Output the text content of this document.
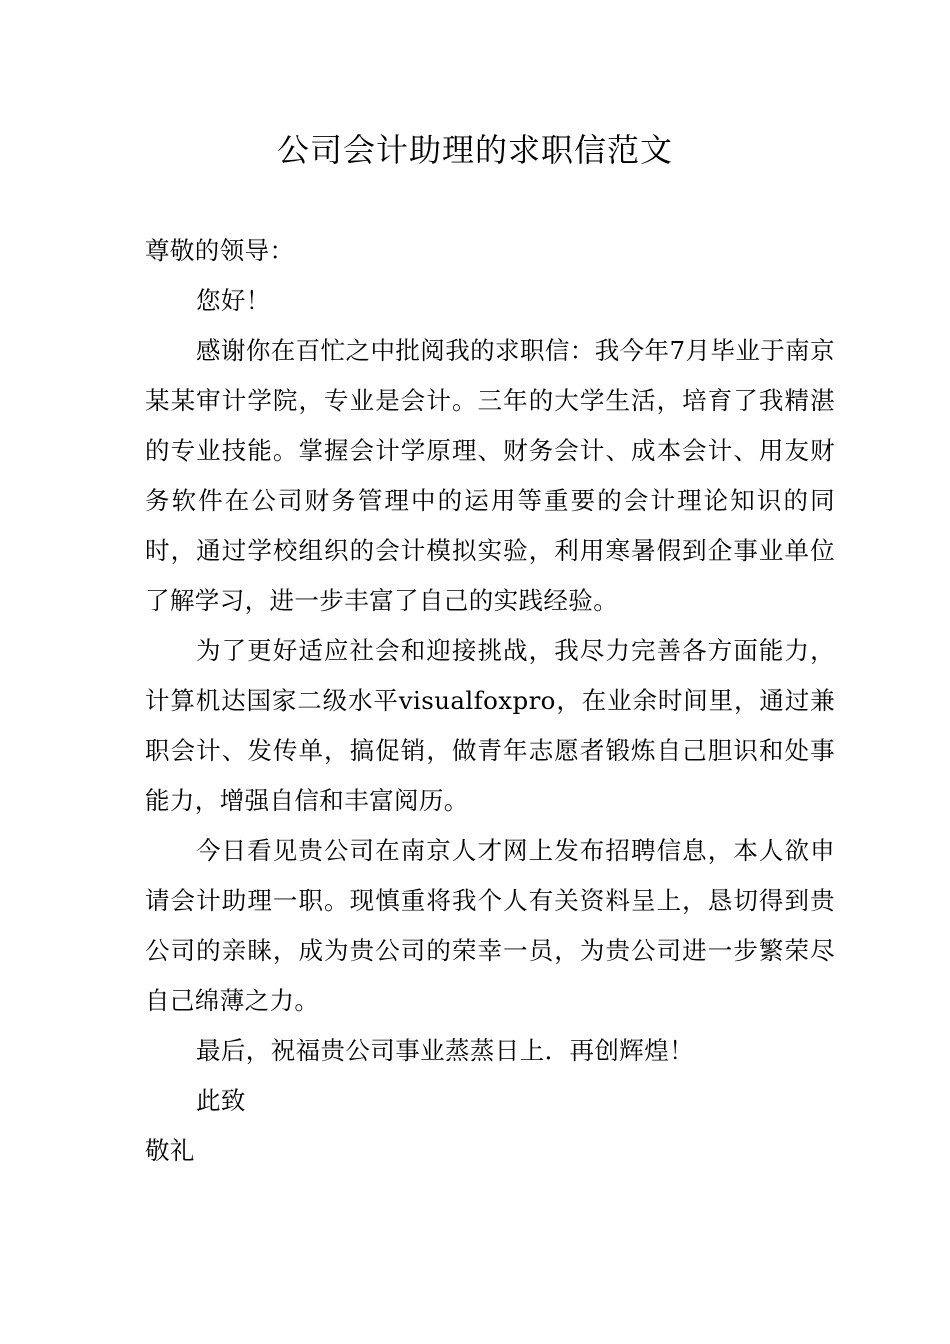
公司会计助理的求职信范文

尊敬的领导：

您好！

感谢你在百忙之中批阅我的求职信：我今年7月毕业于南京某某审计学院，专业是会计。三年的大学生活，培育了我精湛的专业技能。掌握会计学原理、财务会计、成本会计、用友财务软件在公司财务管理中的运用等重要的会计理论知识的同时，通过学校组织的会计模拟实验，利用寒暑假到企事业单位了解学习，进一步丰富了自己的实践经验。

为了更好适应社会和迎接挑战，我尽力完善各方面能力，计算机达国家二级水平visualfoxpro，在业余时间里，通过兼职会计、发传单，搞促销，做青年志愿者锻炼自己胆识和处事能力，增强自信和丰富阅历。

今日看见贵公司在南京人才网上发布招聘信息，本人欲申请会计助理一职。现慎重将我个人有关资料呈上，恳切得到贵公司的亲睐，成为贵公司的荣幸一员，为贵公司进一步繁荣尽自己绵薄之力。

最后，祝福贵公司事业蒸蒸日上．再创辉煌！

此致

敬礼
